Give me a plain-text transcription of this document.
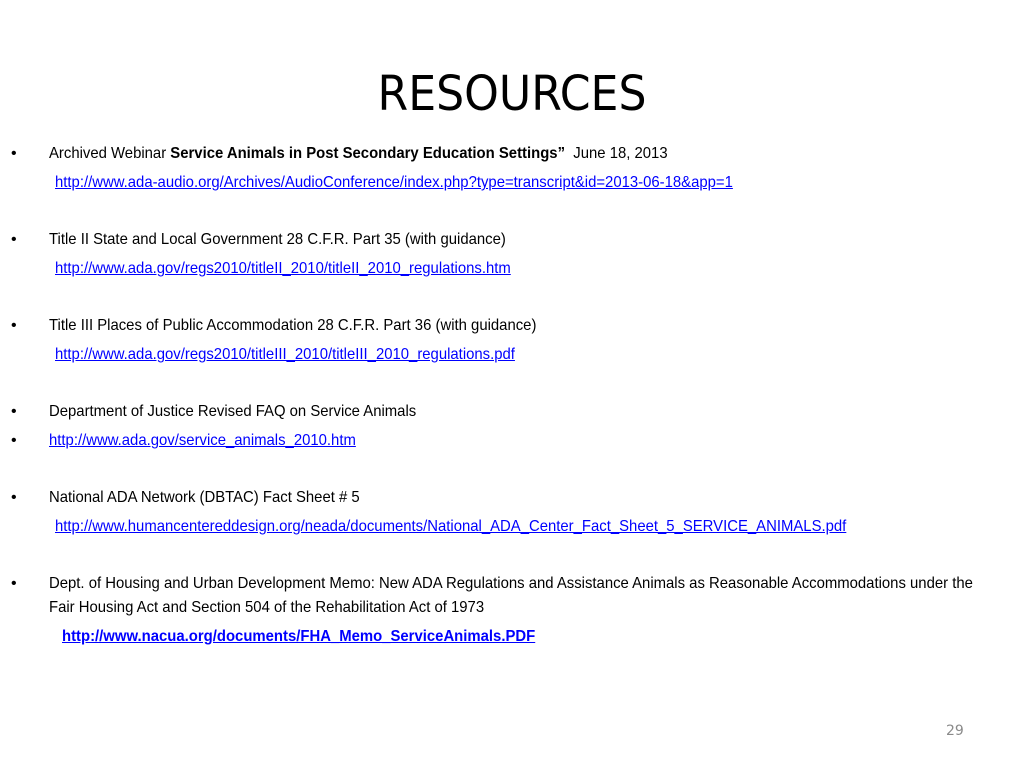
RESOURCES
• Archived Webinar Service Animals in Post Secondary Education Settings”  June 18, 2013
http://www.ada-audio.org/Archives/AudioConference/index.php?type=transcript&id=2013-06-18&app=1
• Title II State and Local Government 28 C.F.R. Part 35 (with guidance)
http://www.ada.gov/regs2010/titleII_2010/titleII_2010_regulations.htm
• Title III Places of Public Accommodation 28 C.F.R. Part 36 (with guidance)
http://www.ada.gov/regs2010/titleIII_2010/titleIII_2010_regulations.pdf
• Department of Justice Revised FAQ on Service Animals
• http://www.ada.gov/service_animals_2010.htm
• National ADA Network (DBTAC) Fact Sheet # 5
http://www.humancentereddesign.org/neada/documents/National_ADA_Center_Fact_Sheet_5_SERVICE_ANIMALS.pdf
• Dept. of Housing and Urban Development Memo: New ADA Regulations and Assistance Animals as Reasonable Accommodations under the Fair Housing Act and Section 504 of the Rehabilitation Act of 1973
http://www.nacua.org/documents/FHA_Memo_ServiceAnimals.PDF
29
